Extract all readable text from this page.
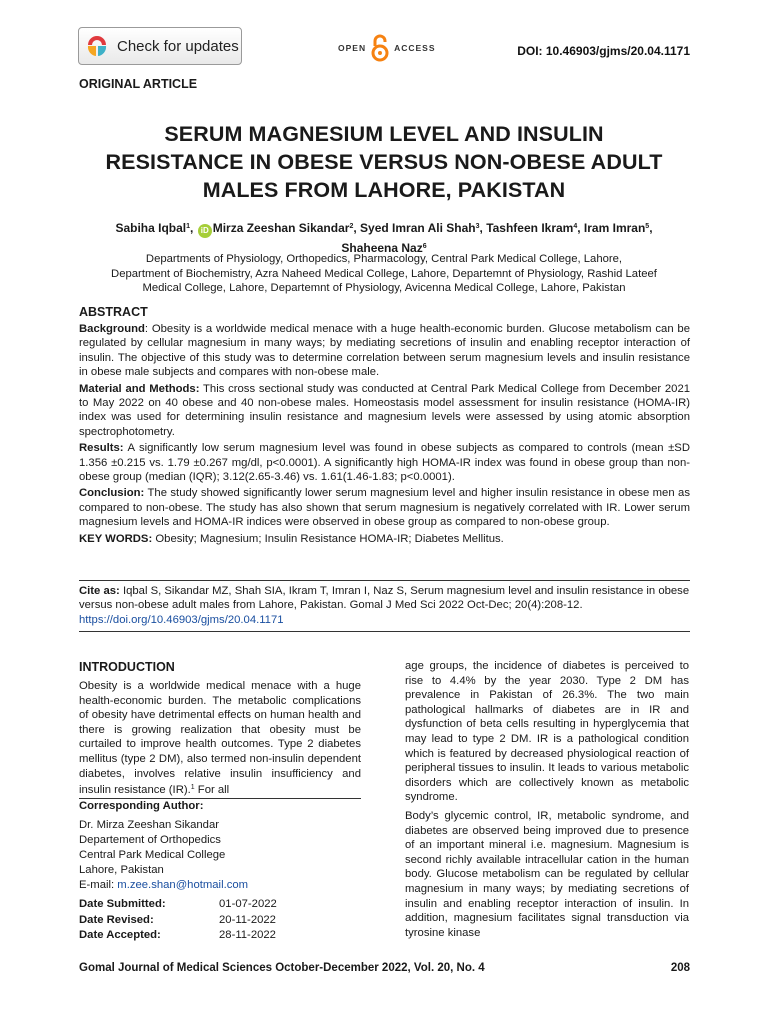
Check for updates	OPEN	ACCESS	DOI: 10.46903/gjms/20.04.1171
ORIGINAL ARTICLE
SERUM MAGNESIUM LEVEL AND INSULIN
RESISTANCE IN OBESE VERSUS NON-OBESE ADULT
MALES FROM LAHORE, PAKISTAN
Sabiha Iqbal$^1$, iD Mirza Zeeshan Sikandar$^2$, Syed Imran Ali Shah$^3$, Tashfeen Ikram$^4$, Iram Imran$^5$,
Shaheena Naz$^6$
Departments of Physiology, Orthopedics, Pharmacology, Central Park Medical College, Lahore,
Department of Biochemistry, Azra Naheed Medical College, Lahore, Departemnt of Physiology, Rashid Lateef
Medical College, Lahore, Departemnt of Physiology, Avicenna Medical College, Lahore, Pakistan
ABSTRACT

Background: Obesity is a worldwide medical menace with a huge health-economic burden. Glucose metabolism can be regulated by cellular magnesium in many ways; by mediating secretions of insulin and enabling receptor interaction of insulin. The objective of this study was to determine correlation between serum magnesium levels and insulin resistance in obese male subjects and compares with non-obese male.

Material and Methods: This cross sectional study was conducted at Central Park Medical College from December 2021 to May 2022 on 40 obese and 40 non-obese males. Homeostasis model assessment for insulin resistance (HOMA-IR) index was used for determining insulin resistance and magnesium levels were assessed by using atomic absorption spectrophotometry.

Results: A significantly low serum magnesium level was found in obese subjects as compared to controls (mean ±SD 1.356 ±0.215 vs. 1.79 ±0.267 mg/dl, p<0.0001). A significantly high HOMA-IR index was found in obese group than non-obese group (median (IQR); 3.12(2.65-3.46) vs. 1.61(1.46-1.83; p<0.0001).

Conclusion: The study showed significantly lower serum magnesium level and higher insulin resistance in obese men as compared to non-obese. The study has also shown that serum magnesium is negatively correlated with IR. Lower serum magnesium levels and HOMA-IR indices were observed in obese group as compared to non-obese group.

KEY WORDS: Obesity; Magnesium; Insulin Resistance HOMA-IR; Diabetes Mellitus.

Cite as: Iqbal S, Sikandar MZ, Shah SIA, Ikram T, Imran I, Naz S, Serum magnesium level and insulin resistance in obese versus non-obese adult males from Lahore, Pakistan. Gomal J Med Sci 2022 Oct-Dec; 20(4):208-12.
https://doi.org/10.46903/gjms/20.04.1171
INTRODUCTION
Obesity is a worldwide medical menace with a huge health-economic burden. The metabolic complications of obesity have detrimental effects on human health and there is growing realization that obesity must be curtailed to improve health outcomes. Type 2 diabetes mellitus (type 2 DM), also termed non-insulin dependent diabetes, involves relative insulin insufficiency and insulin resistance (IR).$^1$ For all
Corresponding Author:
Dr. Mirza Zeeshan Sikandar
Departement of Orthopedics
Central Park Medical College
Lahore, Pakistan
E-mail: m.zee.shan@hotmail.com
Date Submitted:	01-07-2022
Date Revised:	20-11-2022
Date Accepted:	28-11-2022

age groups, the incidence of diabetes is perceived to rise to 4.4% by the year 2030. Type 2 DM has prevalence in Pakistan of 26.3%. The two main pathological hallmarks of diabetes are in IR and dysfunction of beta cells resulting in hyperglycemia that may lead to type 2 DM. IR is a pathological condition which is featured by decreased physiological reaction of peripheral tissues to insulin. It leads to various metabolic disorders which are collectively known as metabolic syndrome.

Body’s glycemic control, IR, metabolic syndrome, and diabetes are observed being improved due to presence of an important mineral i.e. magnesium. Magnesium is second richly available intracellular cation in the human body. Glucose metabolism can be regulated by cellular magnesium in many ways; by mediating secretions of insulin and enabling receptor interaction of insulin. In addition, magnesium facilitates signal transduction via tyrosine kinase

Gomal Journal of Medical Sciences October-December 2022, Vol. 20, No. 4	208
